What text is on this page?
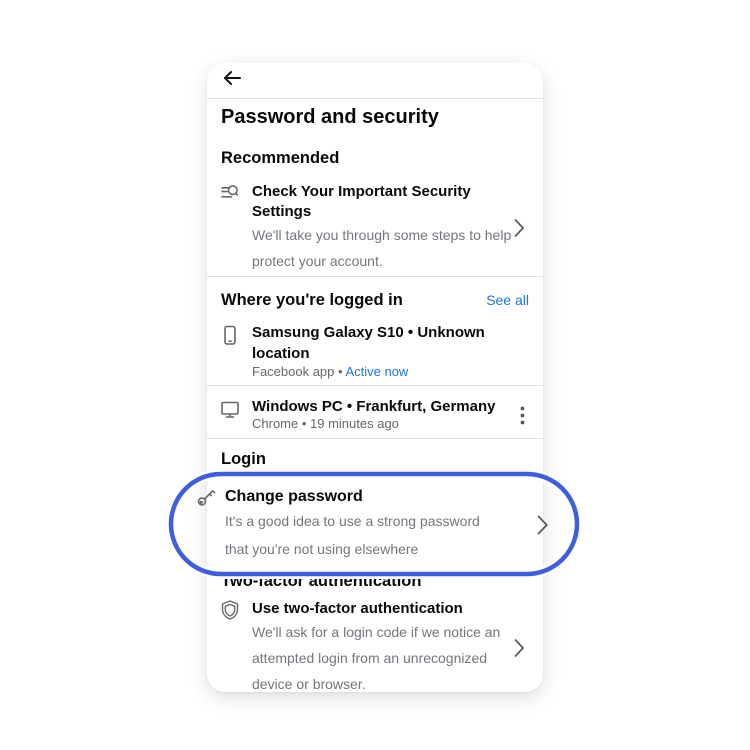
Password and security
Recommended
Check Your Important Security
Settings
We'll take you through some steps to help
protect your account.
Where you're logged in	See all
Samsung Galaxy S10 • Unknown
location
Facebook app • Active now
Windows PC • Frankfurt, Germany
Chrome • 19 minutes ago
Login
Change password
It's a good idea to use a strong password
that you're not using elsewhere
Two-factor authentication
Use two-factor authentication
We'll ask for a login code if we notice an
attempted login from an unrecognized
device or browser.
